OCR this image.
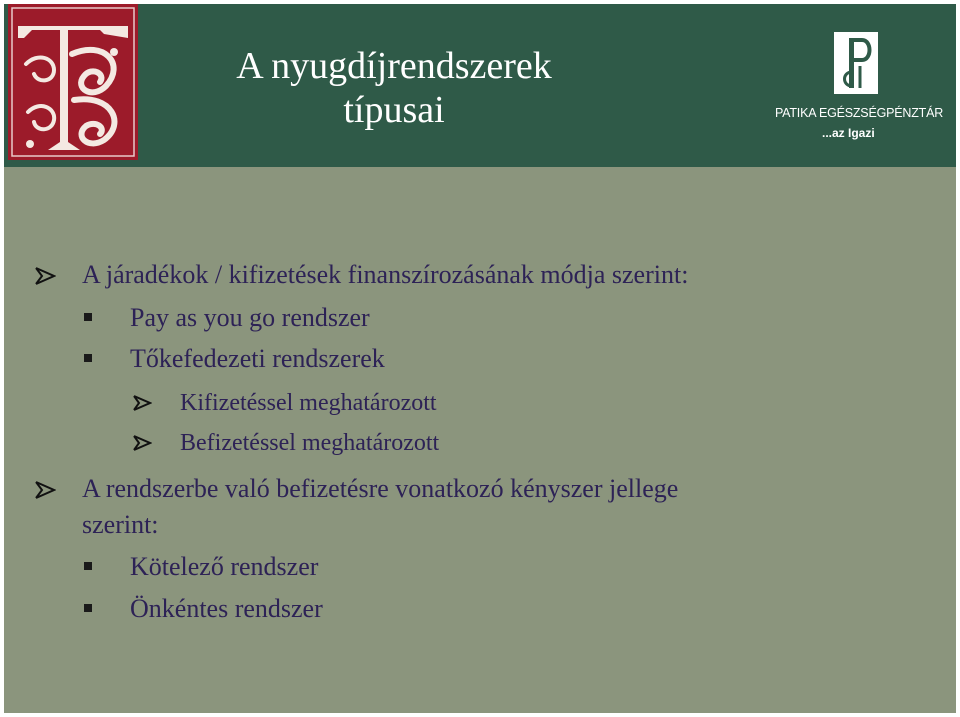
A nyugdíjrendszerek
típusai	PATIKA EGÉSZSÉGPÉNZTÁR
...az Igazi
A járadékok / kifizetések finanszírozásának módja szerint:
Pay as you go rendszer
Tőkefedezeti rendszerek
Kifizetéssel meghatározott
Befizetéssel meghatározott
A rendszerbe való befizetésre vonatkozó kényszer jellege
szerint:
Kötelező rendszer
Önkéntes rendszer
